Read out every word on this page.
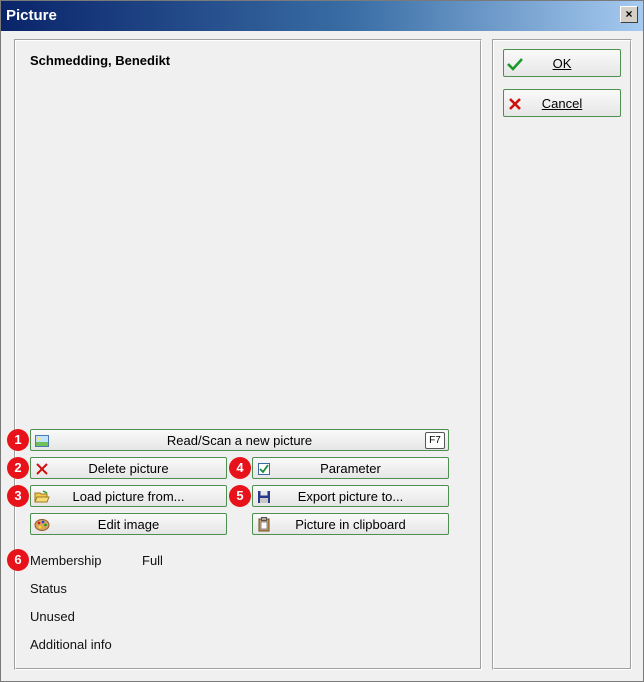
Picture	×
Schmedding, Benedikt
Read/Scan a new picture	F7
Delete picture
Load picture from...
Edit image
Parameter
Export picture to...
Picture in clipboard
OK
Cancel
1
2
3
4
5
6 Membership	Full
Status
Unused
Additional info
